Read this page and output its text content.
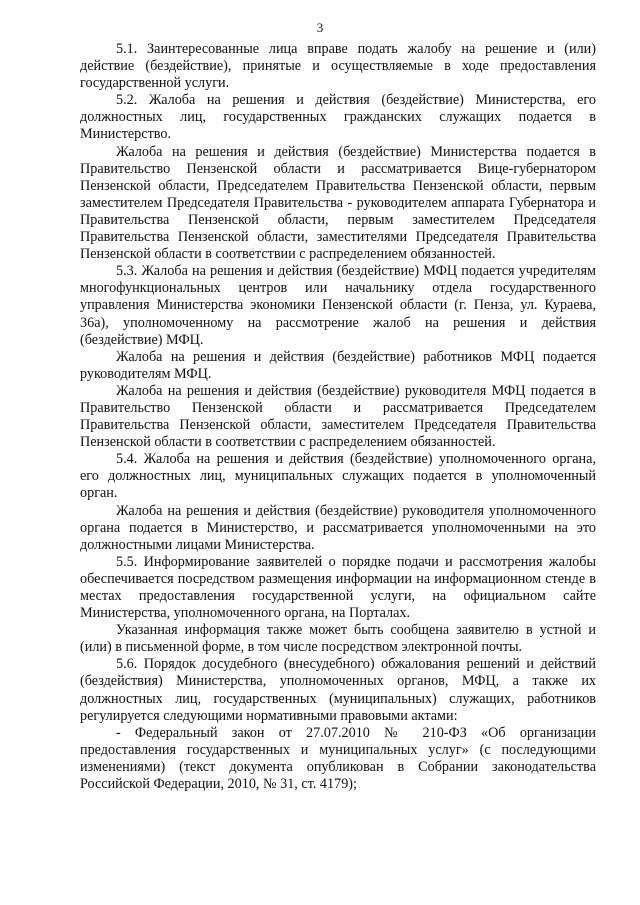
3

5.1. Заинтересованные лица вправе подать жалобу на решение и (или) действие (бездействие), принятые и осуществляемые в ходе предоставления государственной услуги.

5.2. Жалоба на решения и действия (бездействие) Министерства, его должностных лиц, государственных гражданских служащих подается в Министерство.

Жалоба на решения и действия (бездействие) Министерства подается в Правительство Пензенской области и рассматривается Вице-губернатором Пензенской области, Председателем Правительства Пензенской области, первым заместителем Председателя Правительства - руководителем аппарата Губернатора и Правительства Пензенской области, первым заместителем Председателя Правительства Пензенской области, заместителями Председателя Правительства Пензенской области в соответствии с распределением обязанностей.

5.3. Жалоба на решения и действия (бездействие) МФЦ подается учредителям многофункциональных центров или начальнику отдела государственного управления Министерства экономики Пензенской области (г. Пенза, ул. Кураева, 36а), уполномоченному на рассмотрение жалоб на решения и действия (бездействие) МФЦ.

Жалоба на решения и действия (бездействие) работников МФЦ подается руководителям МФЦ.

Жалоба на решения и действия (бездействие) руководителя МФЦ подается в Правительство Пензенской области и рассматривается Председателем Правительства Пензенской области, заместителем Председателя Правительства Пензенской области в соответствии с распределением обязанностей.

5.4. Жалоба на решения и действия (бездействие) уполномоченного органа, его должностных лиц, муниципальных служащих подается в уполномоченный орган.

Жалоба на решения и действия (бездействие) руководителя уполномоченного органа подается в Министерство, и рассматривается уполномоченными на это должностными лицами Министерства.

5.5. Информирование заявителей о порядке подачи и рассмотрения жалобы обеспечивается посредством размещения информации на информационном стенде в местах предоставления государственной услуги, на официальном сайте Министерства, уполномоченного органа, на Порталах.

Указанная информация также может быть сообщена заявителю в устной и (или) в письменной форме, в том числе посредством электронной почты.

5.6. Порядок досудебного (внесудебного) обжалования решений и действий (бездействия) Министерства, уполномоченных органов, МФЦ, а также их должностных лиц, государственных (муниципальных) служащих, работников регулируется следующими нормативными правовыми актами:

- Федеральный закон от 27.07.2010 № 210-ФЗ «Об организации предоставления государственных и муниципальных услуг» (с последующими изменениями) (текст документа опубликован в Собрании законодательства Российской Федерации, 2010, № 31, ст. 4179);
